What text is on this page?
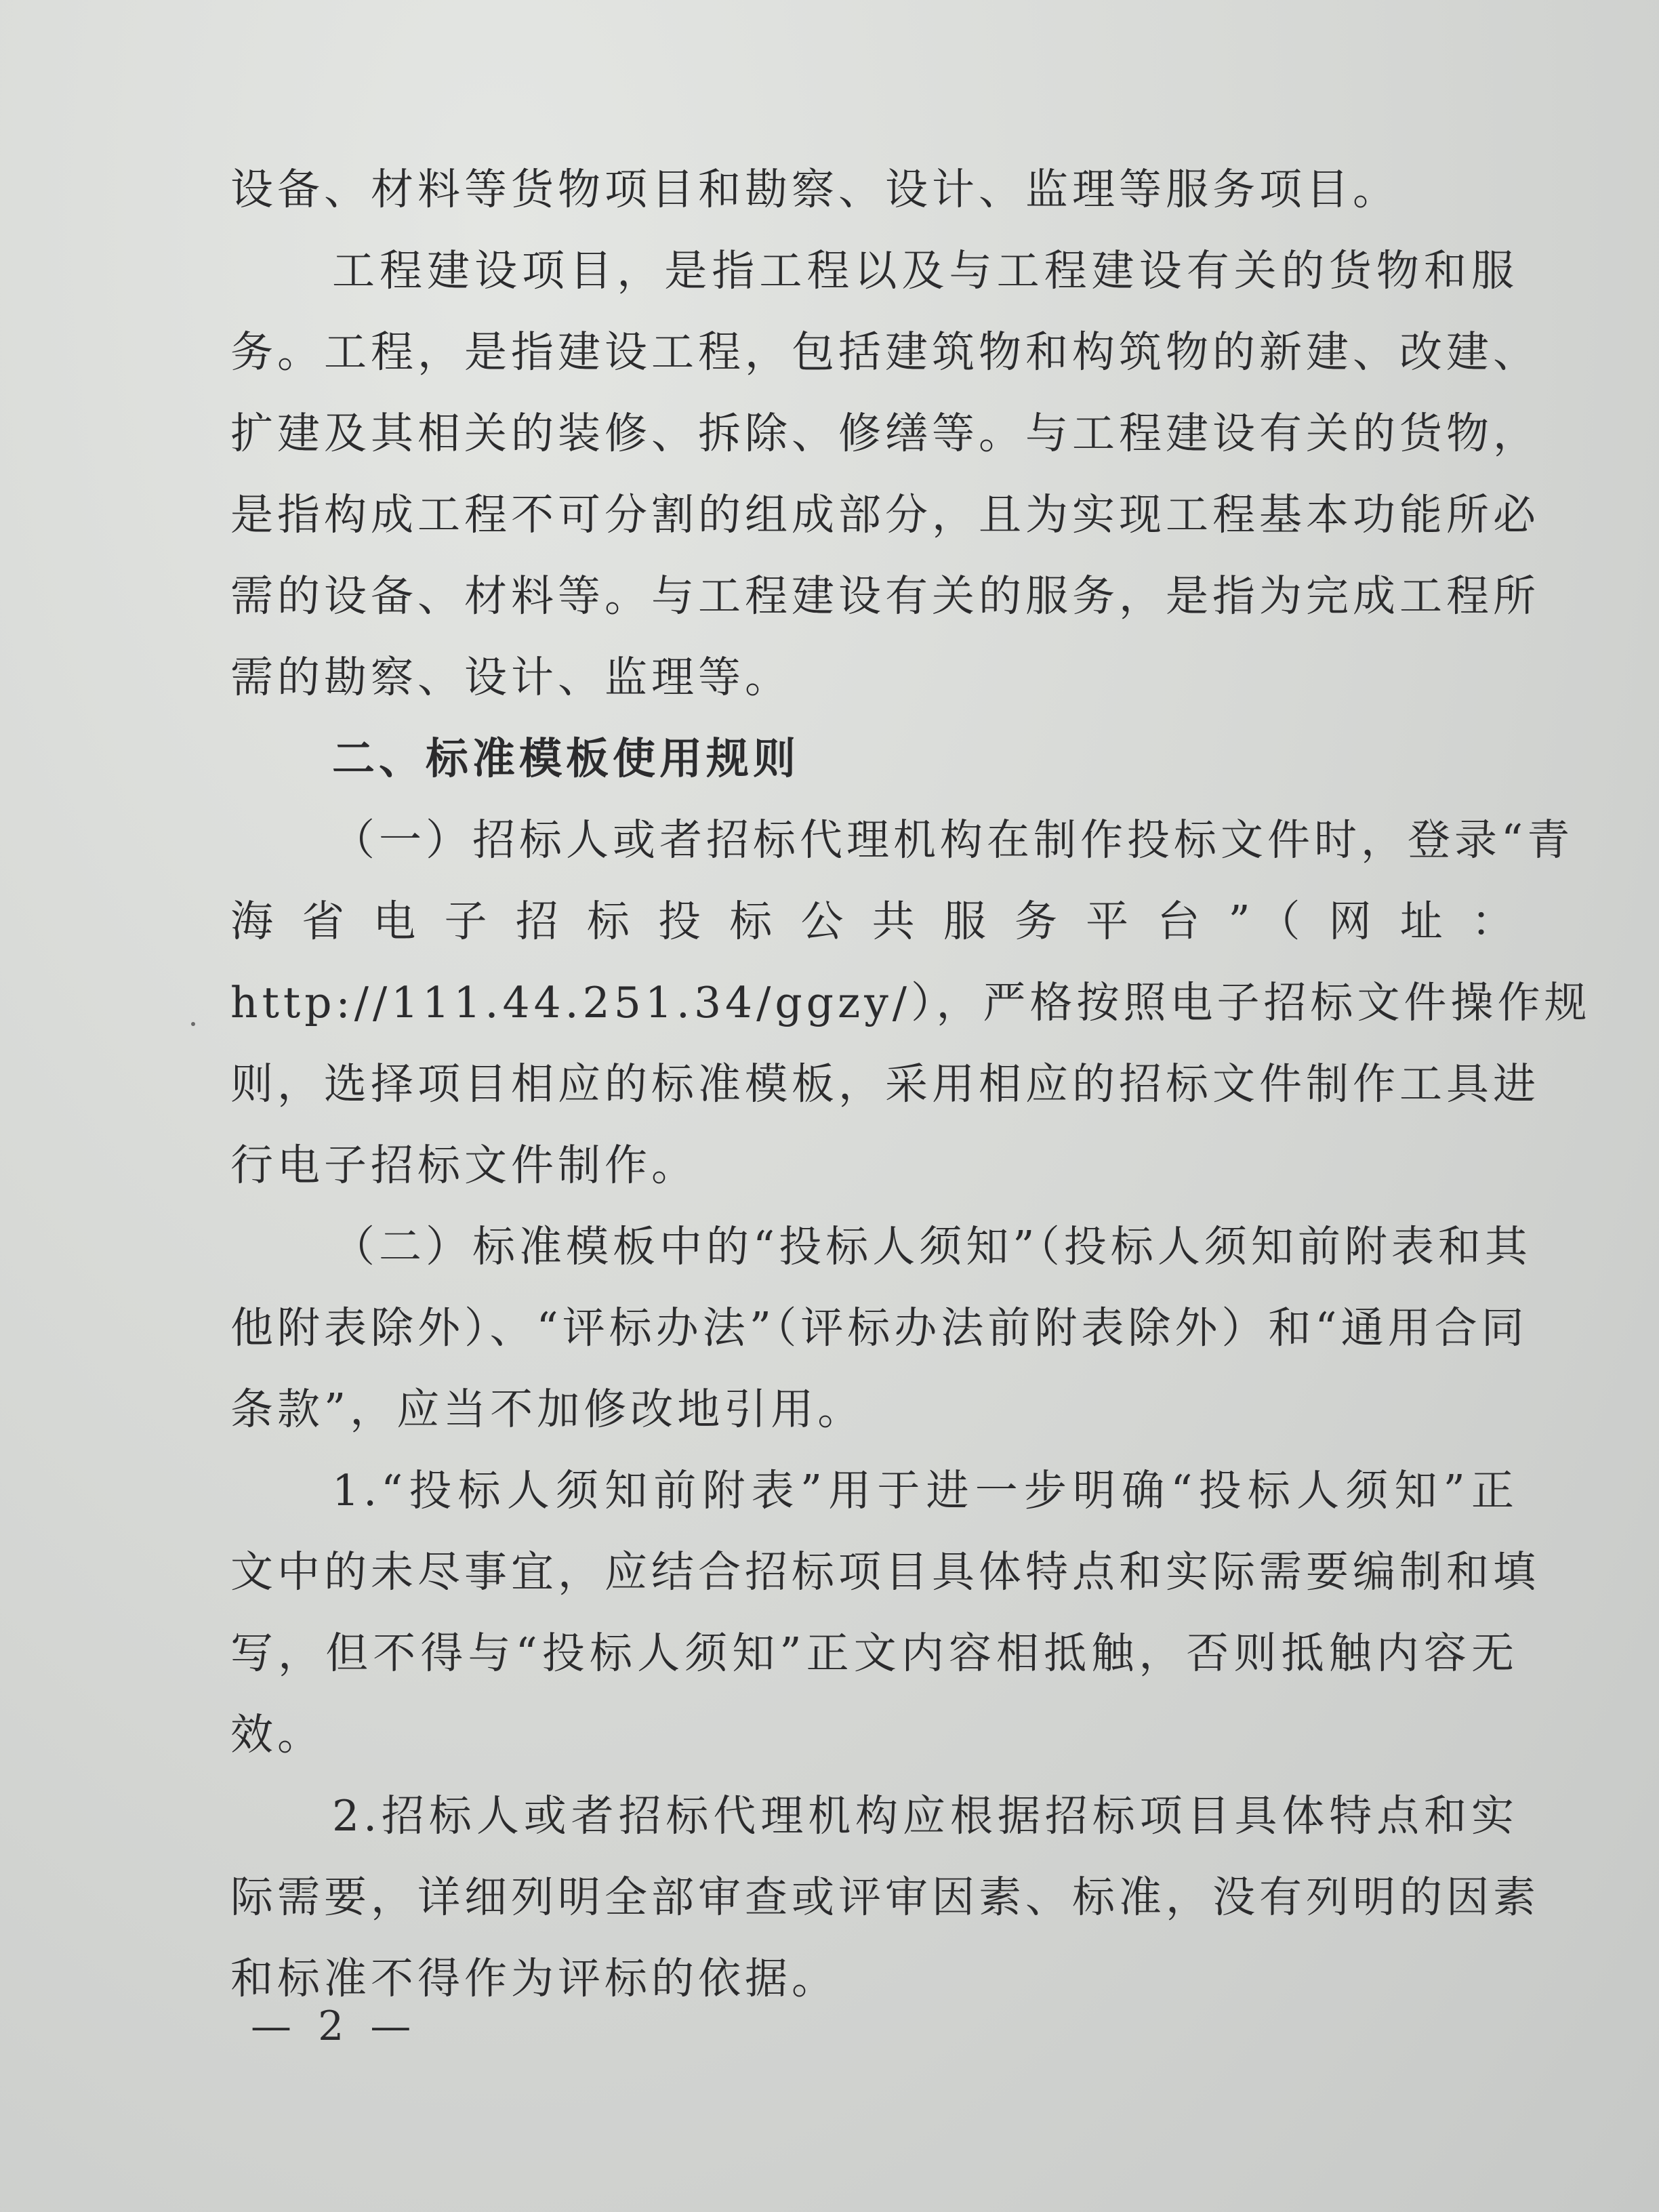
设备、材料等货物项目和勘察、设计、监理等服务项目。
工程建设项目，是指工程以及与工程建设有关的货物和服
务。工程，是指建设工程，包括建筑物和构筑物的新建、改建、
扩建及其相关的装修、拆除、修缮等。与工程建设有关的货物，
是指构成工程不可分割的组成部分，且为实现工程基本功能所必
需的设备、材料等。与工程建设有关的服务，是指为完成工程所
需的勘察、设计、监理等。
二、标准模板使用规则
（一）招标人或者招标代理机构在制作投标文件时，登录“青
海省电子招标投标公共服务平台”（网址：
http://111.44.251.34/ggzy/），严格按照电子招标文件操作规
则，选择项目相应的标准模板，采用相应的招标文件制作工具进
行电子招标文件制作。
（二）标准模板中的“投标人须知”（投标人须知前附表和其
他附表除外）、“评标办法”（评标办法前附表除外）和“通用合同
条款”，应当不加修改地引用。
1.“投标人须知前附表”用于进一步明确“投标人须知”正
文中的未尽事宜，应结合招标项目具体特点和实际需要编制和填
写，但不得与“投标人须知”正文内容相抵触，否则抵触内容无
效。
2.招标人或者招标代理机构应根据招标项目具体特点和实
际需要，详细列明全部审查或评审因素、标准，没有列明的因素
和标准不得作为评标的依据。
— 2 —
